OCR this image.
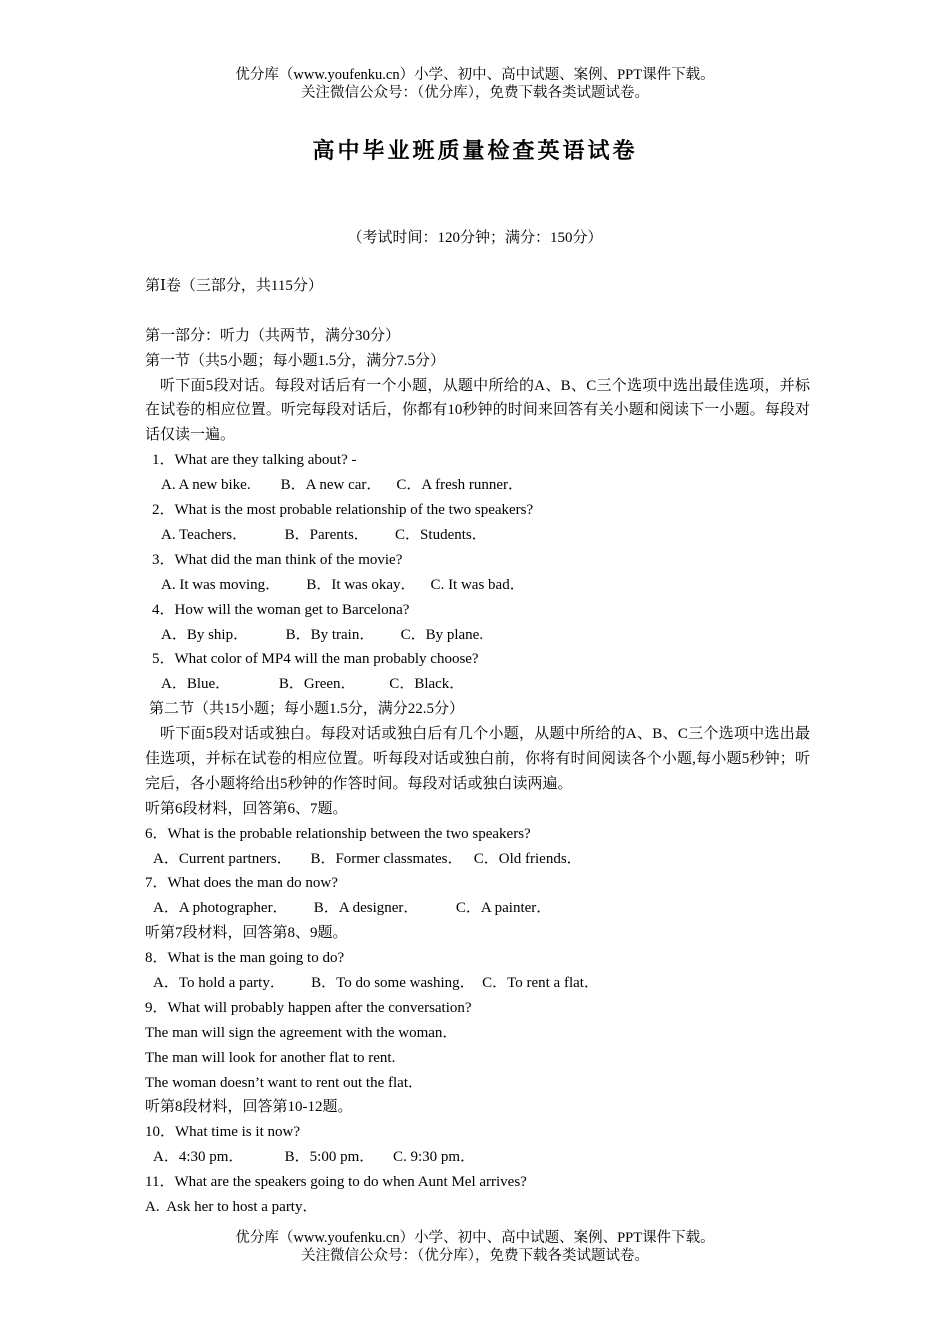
优分库（www.youfenku.cn）小学、初中、高中试题、案例、PPT课件下载。
关注微信公众号：（优分库），免费下载各类试题试卷。
高中毕业班质量检查英语试卷
（考试时间：120分钟；满分：150分）
第Ⅰ卷（三部分，共115分）
第一部分：听力（共两节，满分30分）
第一节（共5小题；每小题1.5分，满分7.5分）
听下面5段对话。每段对话后有一个小题，从题中所给的A、B、C三个选项中选出最佳选项，并标在试卷的相应位置。听完每段对话后，你都有10秒钟的时间来回答有关小题和阅读下一小题。每段对话仅读一遍。
1．What are they talking about? -
A. A new bike.        B．A new car．    C．A fresh runner．
2．What is the most probable relationship of the two speakers?
A. Teachers．          B．Parents．       C．Students．
3．What did the man think of the movie?
A. It was moving．       B．It was okay．    C. It was bad．
4．How will the woman get to Barcelona?
A．By ship．          B．By train．       C．By plane.
5．What color of MP4 will the man probably choose?
A．Blue．             B．Green．         C．Black．
第二节（共15小题；每小题1.5分，满分22.5分）
听下面5段对话或独白。每段对话或独白后有几个小题，从题中所给的A、B、C三个选项中选出最佳选项，并标在试卷的相应位置。听每段对话或独白前，你将有时间阅读各个小题,每小题5秒钟；听完后，各小题将给出5秒钟的作答时间。每段对话或独白读两遍。
听第6段材料，回答第6、7题。
6．What is the probable relationship between the two speakers?
A．Current partners．     B．Former classmates．   C．Old friends．
7．What does the man do now?
A．A photographer．       B．A designer．          C．A painter．
听第7段材料，回答第8、9题。
8．What is the man going to do?
A．To hold a party．       B．To do some washing．  C．To rent a flat．
9．What will probably happen after the conversation?
The man will sign the agreement with the woman．
The man will look for another flat to rent.
The woman doesn’t want to rent out the flat．
听第8段材料，回答第10-12题。
10．What time is it now?
A．4:30 pm．           B．5:00 pm．     C. 9:30 pm．
11．What are the speakers going to do when Aunt Mel arrives?
A.  Ask her to host a party．
优分库（www.youfenku.cn）小学、初中、高中试题、案例、PPT课件下载。
关注微信公众号：（优分库），免费下载各类试题试卷。
